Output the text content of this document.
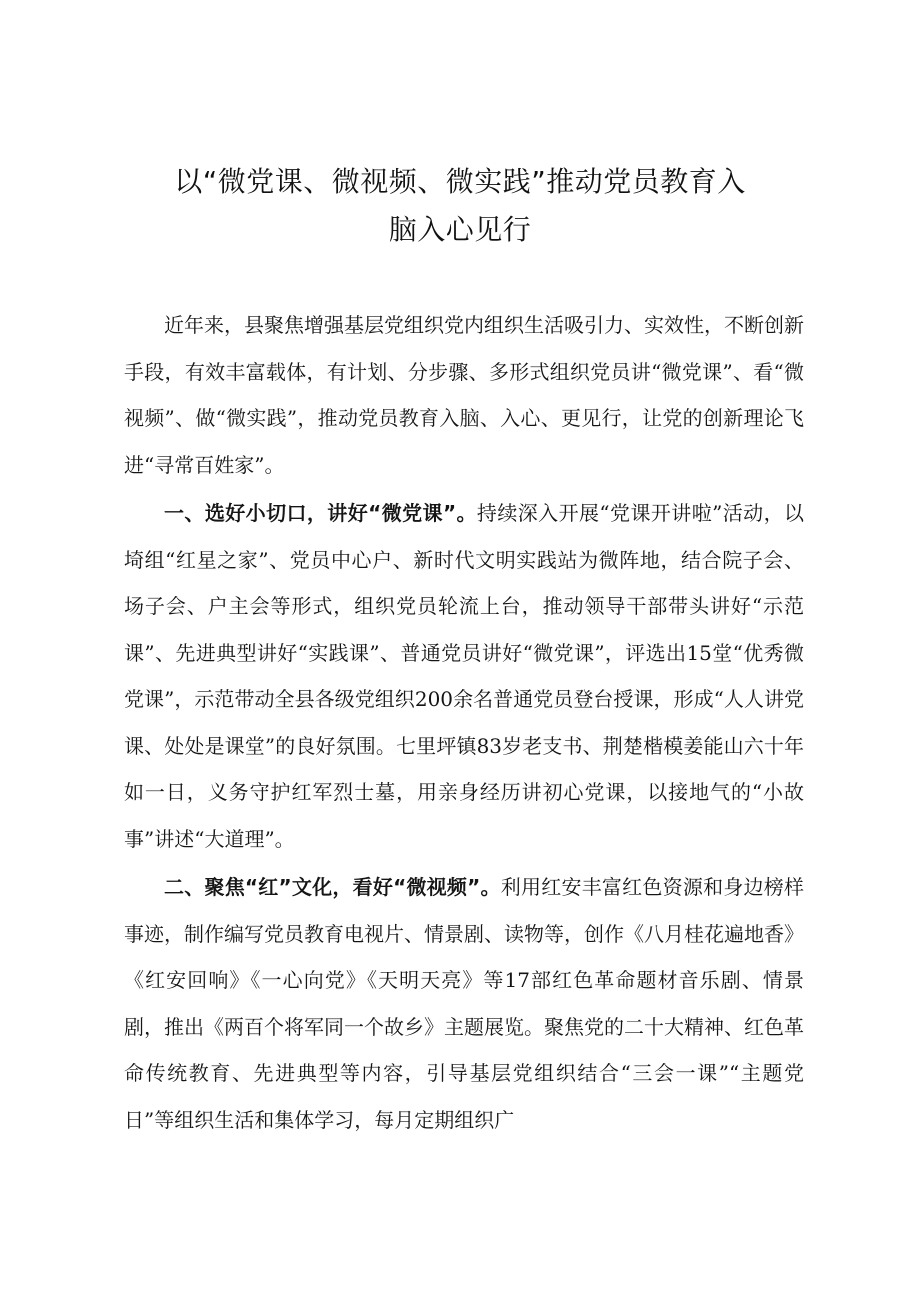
以“微党课、微视频、微实践”推动党员教育入
脑入心见行

近年来，县聚焦增强基层党组织党内组织生活吸引力、实效性，不断创新手段，有效丰富载体，有计划、分步骤、多形式组织党员讲“微党课”、看“微视频”、做“微实践”，推动党员教育入脑、入心、更见行，让党的创新理论飞进“寻常百姓家”。

一、选好小切口，讲好“微党课”。持续深入开展“党课开讲啦”活动，以埼组“红星之家”、党员中心户、新时代文明实践站为微阵地，结合院子会、场子会、户主会等形式，组织党员轮流上台，推动领导干部带头讲好“示范课”、先进典型讲好“实践课”、普通党员讲好“微党课”，评选出15堂“优秀微党课”，示范带动全县各级党组织200余名普通党员登台授课，形成“人人讲党课、处处是课堂”的良好氛围。七里坪镇83岁老支书、荆楚楷模姜能山六十年如一日，义务守护红军烈士墓，用亲身经历讲初心党课，以接地气的“小故事”讲述“大道理”。

二、聚焦“红”文化，看好“微视频”。利用红安丰富红色资源和身边榜样事迹，制作编写党员教育电视片、情景剧、读物等，创作《八月桂花遍地香》《红安回响》《一心向党》《天明天亮》等17部红色革命题材音乐剧、情景剧，推出《两百个将军同一个故乡》主题展览。聚焦党的二十大精神、红色革命传统教育、先进典型等内容，引导基层党组织结合“三会一课”“主题党日”等组织生活和集体学习，每月定期组织广
